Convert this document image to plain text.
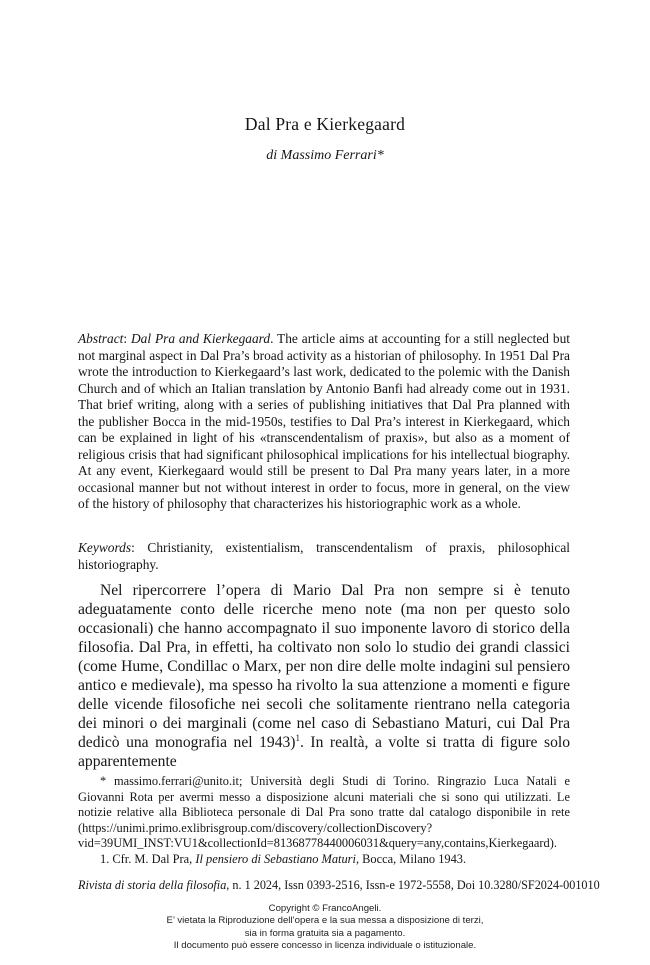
Dal Pra e Kierkegaard
di Massimo Ferrari*
Abstract: Dal Pra and Kierkegaard. The article aims at accounting for a still neglected but not marginal aspect in Dal Pra’s broad activity as a historian of philosophy. In 1951 Dal Pra wrote the introduction to Kierkegaard’s last work, dedicated to the polemic with the Danish Church and of which an Italian translation by Antonio Banfi had already come out in 1931. That brief writing, along with a series of publishing initiatives that Dal Pra planned with the publisher Bocca in the mid-1950s, testifies to Dal Pra’s interest in Kierkegaard, which can be explained in light of his «transcendentalism of praxis», but also as a moment of religious crisis that had significant philosophical implications for his intellectual biography. At any event, Kierkegaard would still be present to Dal Pra many years later, in a more occasional manner but not without interest in order to focus, more in general, on the view of the history of philosophy that characterizes his historiographic work as a whole.
Keywords: Christianity, existentialism, transcendentalism of praxis, philosophical historiography.
Nel ripercorrere l’opera di Mario Dal Pra non sempre si è tenuto adeguatamente conto delle ricerche meno note (ma non per questo solo occasionali) che hanno accompagnato il suo imponente lavoro di storico della filosofia. Dal Pra, in effetti, ha coltivato non solo lo studio dei grandi classici (come Hume, Condillac o Marx, per non dire delle molte indagini sul pensiero antico e medievale), ma spesso ha rivolto la sua attenzione a momenti e figure delle vicende filosofiche nei secoli che solitamente rientrano nella categoria dei minori o dei marginali (come nel caso di Sebastiano Maturi, cui Dal Pra dedicò una monografia nel 1943)$^1$. In realtà, a volte si tratta di figure solo apparentemente

* massimo.ferrari@unito.it; Università degli Studi di Torino. Ringrazio Luca Natali e Giovanni Rota per avermi messo a disposizione alcuni materiali che si sono qui utilizzati. Le notizie relative alla Biblioteca personale di Dal Pra sono tratte dal catalogo disponibile in rete (https://unimi.primo.exlibrisgroup.com/discovery/collectionDiscovery?vid=39UMI_INST:VU1&collectionId=81368778440006031&query=any,contains,Kierkegaard).

1. Cfr. M. Dal Pra, Il pensiero di Sebastiano Maturi, Bocca, Milano 1943.

Rivista di storia della filosofia, n. 1 2024, Issn 0393-2516, Issn-e 1972-5558, Doi 10.3280/SF2024-001010
Copyright © FrancoAngeli.
E’ vietata la Riproduzione dell’opera e la sua messa a disposizione di terzi,
sia in forma gratuita sia a pagamento.
Il documento può essere concesso in licenza individuale o istituzionale.
